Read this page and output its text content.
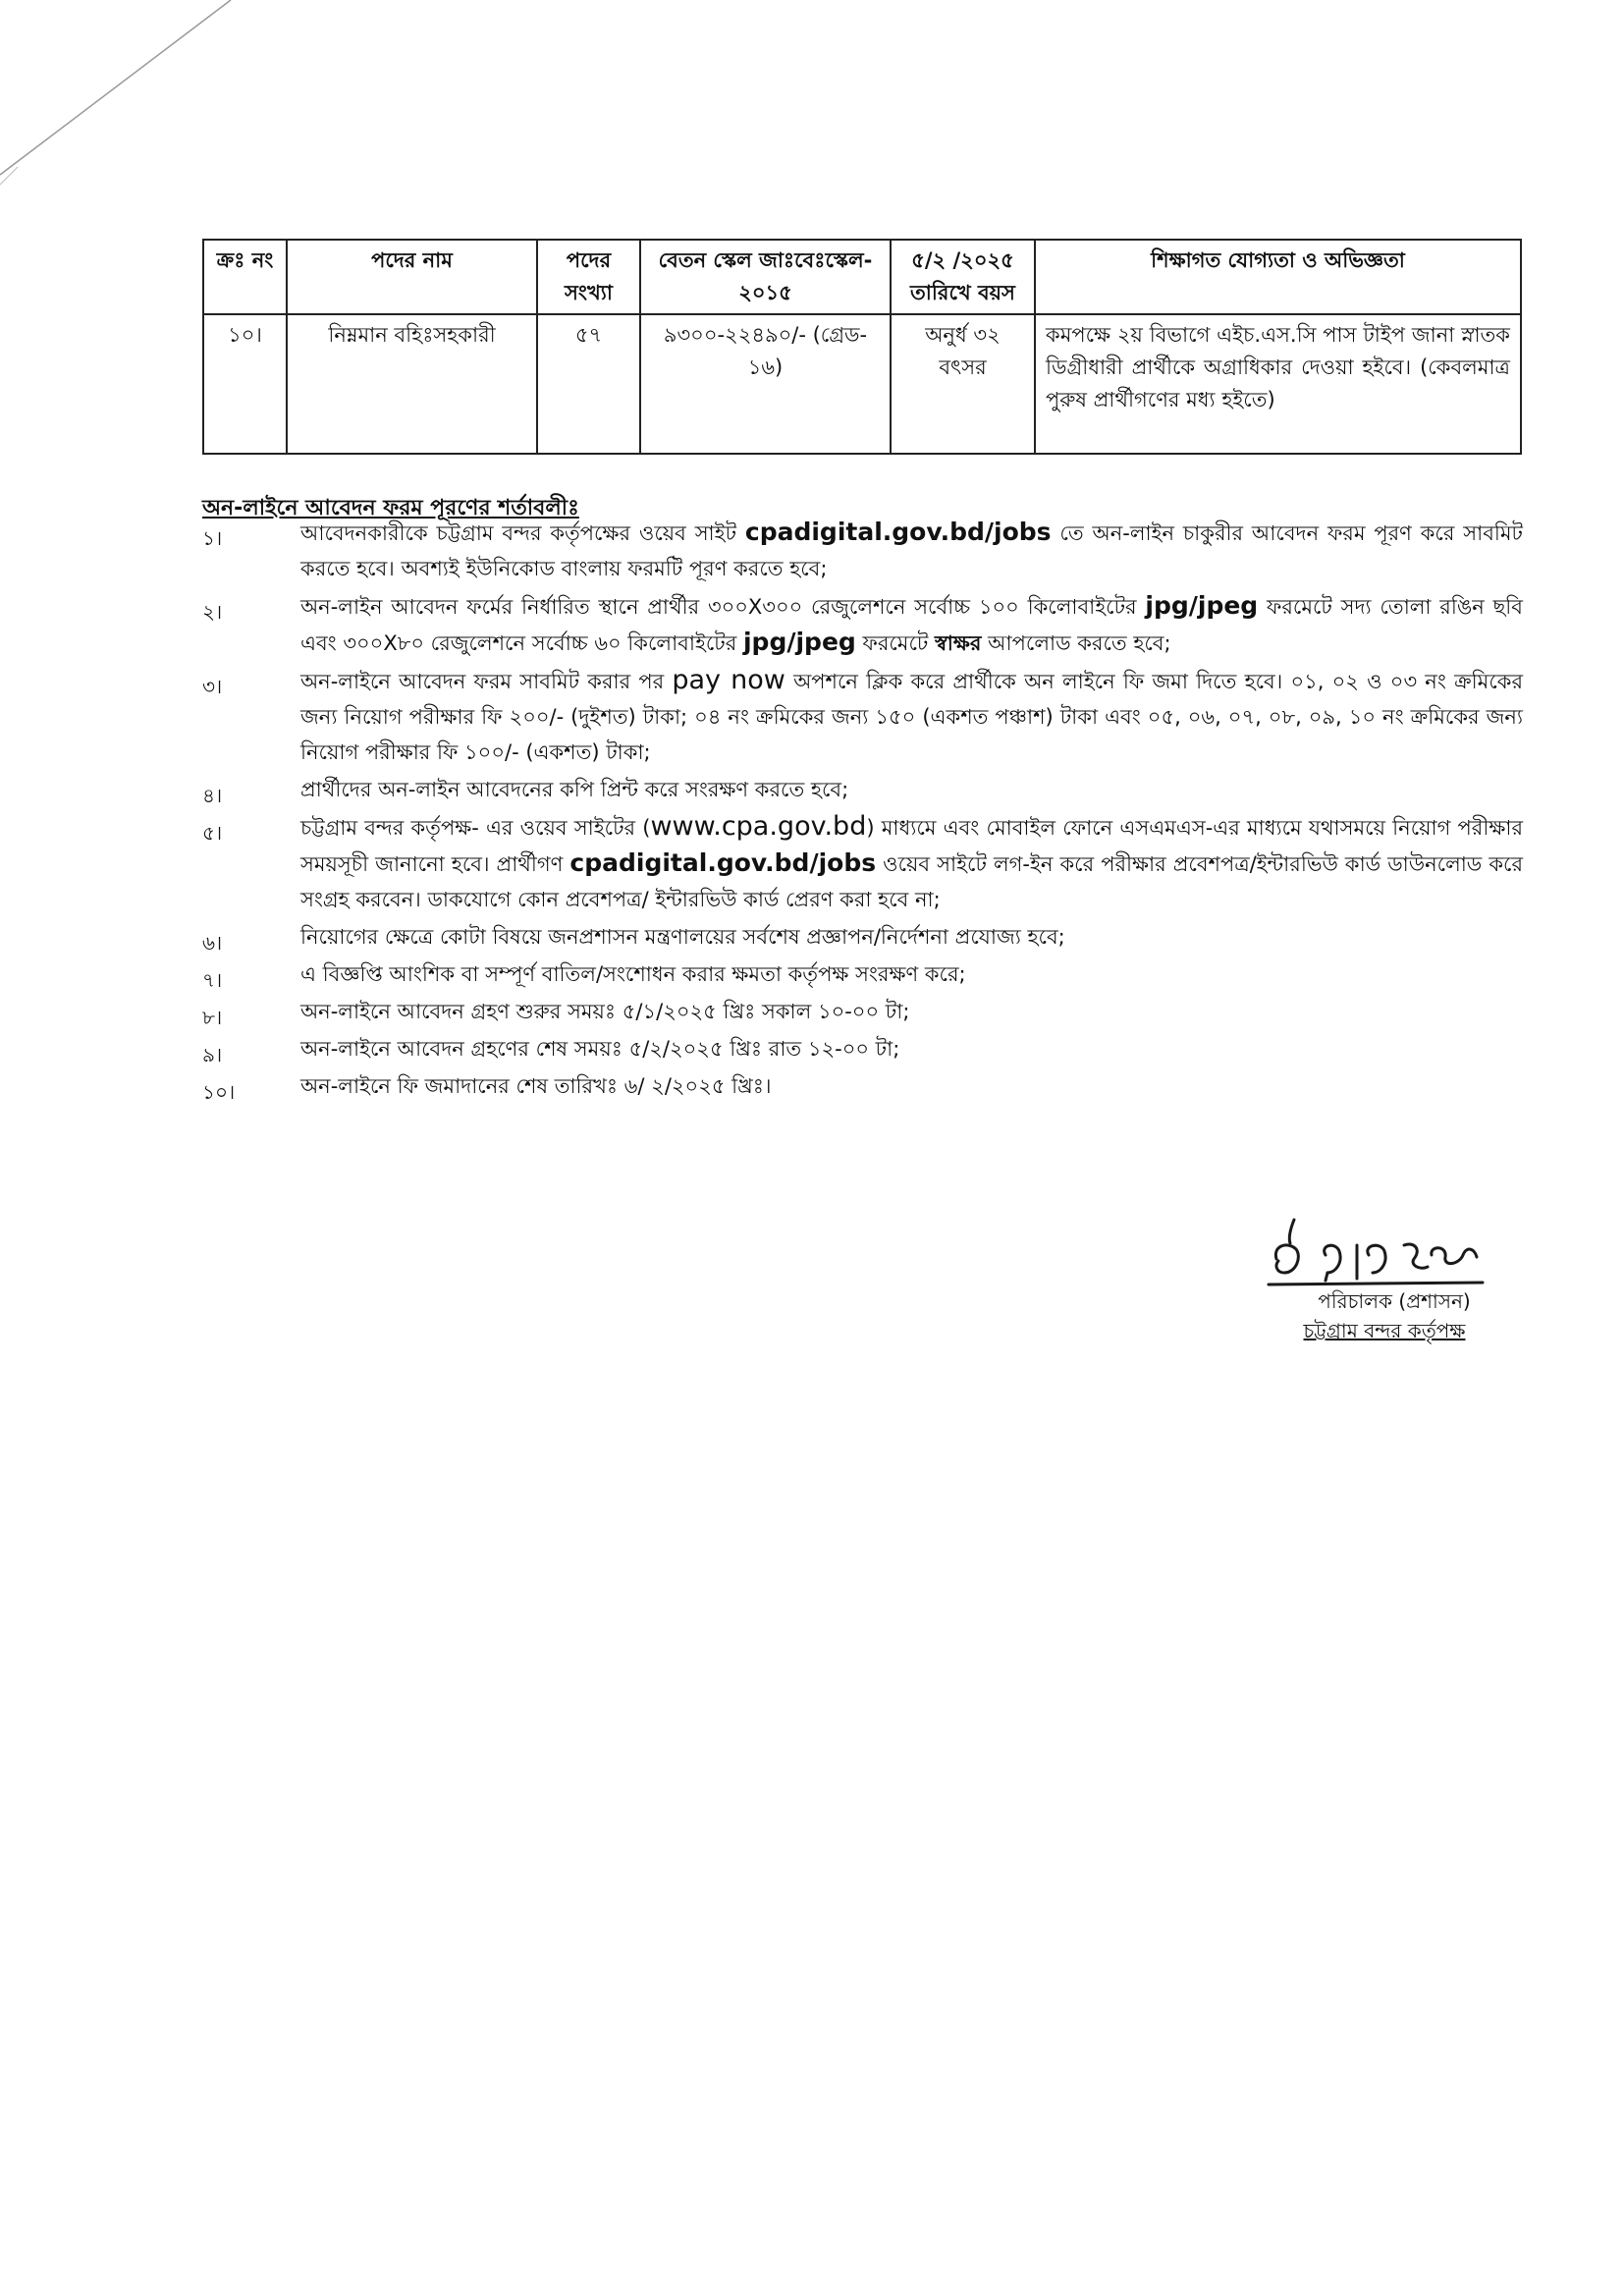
ক্রঃ নং	পদের নাম	পদের সংখ্যা	বেতন স্কেল জাঃবেঃস্কেল- ২০১৫	৫/২ /২০২৫ তারিখে বয়স	শিক্ষাগত যোগ্যতা ও অভিজ্ঞতা
১০।	নিম্নমান বহিঃসহকারী	৫৭	৯৩০০-২২৪৯০/- (গ্রেড- ১৬)	অনুর্ধ ৩২ বৎসর	কমপক্ষে ২য় বিভাগে এইচ.এস.সি পাস টাইপ জানা স্নাতক ডিগ্রীধারী প্রার্থীকে অগ্রাধিকার দেওয়া হইবে। (কেবলমাত্র পুরুষ প্রার্থীগণের মধ্য হইতে)
অন-লাইনে আবেদন ফরম পূরণের শর্তাবলীঃ
১।	আবেদনকারীকে চট্টগ্রাম বন্দর কর্তৃপক্ষের ওয়েব সাইট cpadigital.gov.bd/jobs তে অন-লাইন চাকুরীর আবেদন ফরম পূরণ করে সাবমিট করতে হবে। অবশ্যই ইউনিকোড বাংলায় ফরমটি পূরণ করতে হবে;
২।	অন-লাইন আবেদন ফর্মের নির্ধারিত স্থানে প্রার্থীর ৩০০X৩০০ রেজুলেশনে সর্বোচ্চ ১০০ কিলোবাইটের jpg/jpeg ফরমেটে সদ্য তোলা রঙিন ছবি এবং ৩০০X৮০ রেজুলেশনে সর্বোচ্চ ৬০ কিলোবাইটের jpg/jpeg ফরমেটে স্বাক্ষর আপলোড করতে হবে;
৩।	অন-লাইনে আবেদন ফরম সাবমিট করার পর pay now অপশনে ক্লিক করে প্রার্থীকে অন লাইনে ফি জমা দিতে হবে। ০১, ০২ ও ০৩ নং ক্রমিকের জন্য নিয়োগ পরীক্ষার ফি ২০০/- (দুইশত) টাকা; ০৪ নং ক্রমিকের জন্য ১৫০ (একশত পঞ্চাশ) টাকা এবং ০৫, ০৬, ০৭, ০৮, ০৯, ১০ নং ক্রমিকের জন্য নিয়োগ পরীক্ষার ফি ১০০/- (একশত) টাকা;
৪।	প্রার্থীদের অন-লাইন আবেদনের কপি প্রিন্ট করে সংরক্ষণ করতে হবে;
৫।	চট্টগ্রাম বন্দর কর্তৃপক্ষ- এর ওয়েব সাইটের (www.cpa.gov.bd) মাধ্যমে এবং মোবাইল ফোনে এসএমএস-এর মাধ্যমে যথাসময়ে নিয়োগ পরীক্ষার সময়সূচী জানানো হবে। প্রার্থীগণ cpadigital.gov.bd/jobs ওয়েব সাইটে লগ-ইন করে পরীক্ষার প্রবেশপত্র/ইন্টারভিউ কার্ড ডাউনলোড করে সংগ্রহ করবেন। ডাকযোগে কোন প্রবেশপত্র/ ইন্টারভিউ কার্ড প্রেরণ করা হবে না;
৬।	নিয়োগের ক্ষেত্রে কোটা বিষয়ে জনপ্রশাসন মন্ত্রণালয়ের সর্বশেষ প্রজ্ঞাপন/নির্দেশনা প্রযোজ্য হবে;
৭।	এ বিজ্ঞপ্তি আংশিক বা সম্পূর্ণ বাতিল/সংশোধন করার ক্ষমতা কর্তৃপক্ষ সংরক্ষণ করে;
৮।	অন-লাইনে আবেদন গ্রহণ শুরুর সময়ঃ ৫/১/২০২৫ খ্রিঃ সকাল ১০-০০ টা;
৯।	অন-লাইনে আবেদন গ্রহণের শেষ সময়ঃ ৫/২/২০২৫ খ্রিঃ রাত ১২-০০ টা;
১০।	অন-লাইনে ফি জমাদানের শেষ তারিখঃ ৬/ ২/২০২৫ খ্রিঃ।
পরিচালক (প্রশাসন)
চট্টগ্রাম বন্দর কর্তৃপক্ষ
